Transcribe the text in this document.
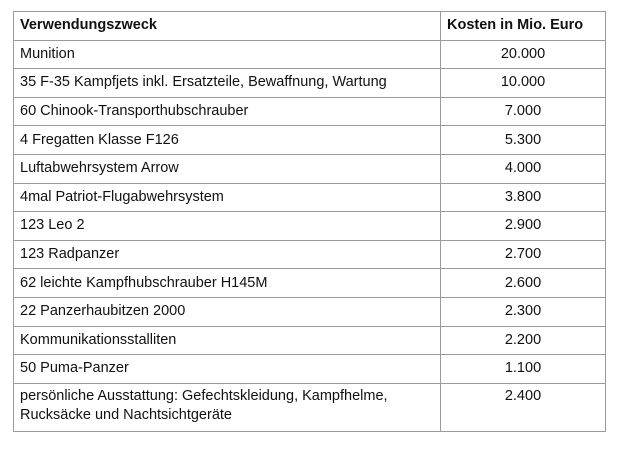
Verwendungszweck	Kosten in Mio. Euro
Munition	20.000
35 F-35 Kampfjets inkl. Ersatzteile, Bewaffnung, Wartung	10.000
60 Chinook-Transporthubschrauber	7.000
4 Fregatten Klasse F126	5.300
Luftabwehrsystem Arrow	4.000
4mal Patriot-Flugabwehrsystem	3.800
123 Leo 2	2.900
123 Radpanzer	2.700
62 leichte Kampfhubschrauber H145M	2.600
22 Panzerhaubitzen 2000	2.300
Kommunikationsstalliten	2.200
50 Puma-Panzer	1.100
persönliche Ausstattung: Gefechtskleidung, Kampfhelme, Rucksäcke und Nachtsichtgeräte	2.400
